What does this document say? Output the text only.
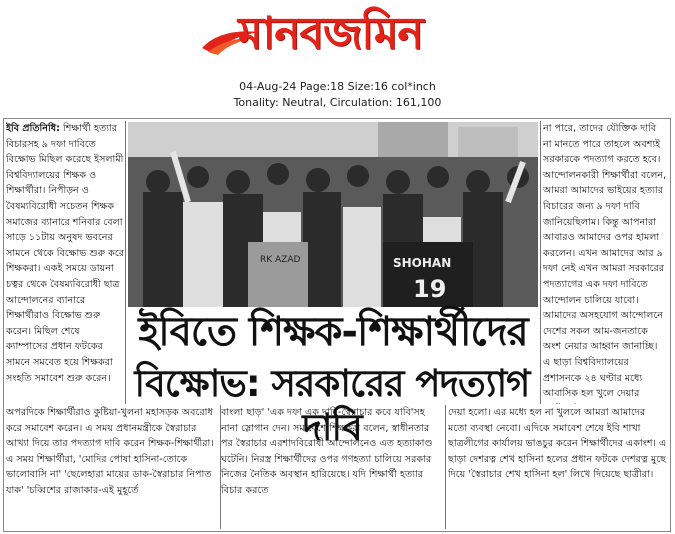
মানবজমিন
04-Aug-24 Page:18 Size:16 col*inch
Tonality: Neutral, Circulation: 161,100
ইবি প্রতিনিধি: শিক্ষার্থী হত্যার বিচারসহ ৯ দফা দাবিতে বিক্ষোভ মিছিল করেছে ইসলামী বিশ্ববিদ্যালয়ের শিক্ষক ও শিক্ষার্থীরা। নিপীড়ন ও বৈষম্যবিরোধী সচেতন শিক্ষক সমাজের ব্যানারে শনিবার বেলা সাড়ে ১১টায় অনুষদ ভবনের সামনে থেকে বিক্ষোভ শুরু করে শিক্ষকরা। একই সময়ে ডায়না চত্বর থেকে বৈষম্যবিরোধী ছাত্র আন্দোলনের ব্যানারে শিক্ষার্থীরাও বিক্ষোভ শুরু করেন। মিছিল শেষে ক্যাম্পাসের প্রধান ফটকের সামনে সমবেত হয়ে শিক্ষকরা সংহতি সমাবেশ শুরু করেন।
RK AZAD	SHOHAN
19
ইবিতে শিক্ষক-শিক্ষার্থীদের
বিক্ষোভ: সরকারের পদত্যাগ দাবি
না পারে, তাদের যৌক্তিক দাবি না মানতে পারে তাহলে অবশ্যই সরকারকে পদত্যাগ করতে হবে। আন্দোলনকারী শিক্ষার্থীরা বলেন, আমরা আমাদের ভাইয়ের হত্যার বিচারের জন্য ৯ দফা দাবি জানিয়েছিলাম। কিন্তু আপনারা আবারও আমাদের ওপর হামলা করলেন। এখন আমাদের আর ৯ দফা নেই এখন আমরা সরকারের পদত্যাগের এক দফা দাবিতে আন্দোলন চালিয়ে যাবো। আমাদের অসহযোগ আন্দোলনে দেশের সকল আম-জনতাকে অংশ নেয়ার আহ্বান জানাচ্ছি। এ ছাড়া বিশ্ববিদ্যালয়ের প্রশাসনকে ২৪ ঘণ্টার মধ্যে আবাসিক হল খুলে দেয়ার
অপরদিকে শিক্ষার্থীরাও কুষ্টিয়া-খুলনা মহাসড়ক অবরোধ করে সমাবেশ করেন। এ সময় প্রধানমন্ত্রীকে স্বৈরাচার আখ্যা দিয়ে তার পদত্যাগ দাবি করেন শিক্ষক-শিক্ষার্থীরা। এ সময় শিক্ষার্থীরা, 'মোদির পোষা হাসিনা-তোকে ভালোবাসি না' 'ছেলেহারা মায়ের ডাক-স্বৈরাচার নিপাত যাক' 'চব্বিশের রাজাকার-এই মুহূর্তে
বাংলা ছাড়' 'এক দফা এক দাবি-স্বৈরাচার কবে যাবি'সহ নানা স্লোগান দেন। সমাবেশে শিক্ষকরা বলেন, স্বাধীনতার পর স্বৈরাচার এরশাদবিরোধী আন্দোলনেও এত হত্যাকাণ্ড ঘটেনি। নিরস্ত্র শিক্ষার্থীদের ওপর গণহত্যা চালিয়ে সরকার নিজের নৈতিক অবস্থান হারিয়েছে। যদি শিক্ষার্থী হত্যার বিচার করতে
দেয়া হলো। এর মধ্যে হল না খুললে আমরা আমাদের মতো ব্যবস্থা নেবো। এদিকে সমাবেশ শেষে ইবি শাখা ছাত্রলীগের কার্যালয় ভাঙচুর করেন শিক্ষার্থীদের একাংশ। এ ছাড়া দেশরত্ন শেখ হাসিনা হলের প্রধান ফটকে দেশরত্ন মুছে দিয়ে 'স্বৈরাচার শেখ হাসিনা হল' লিখে দিয়েছে ছাত্রীরা।
